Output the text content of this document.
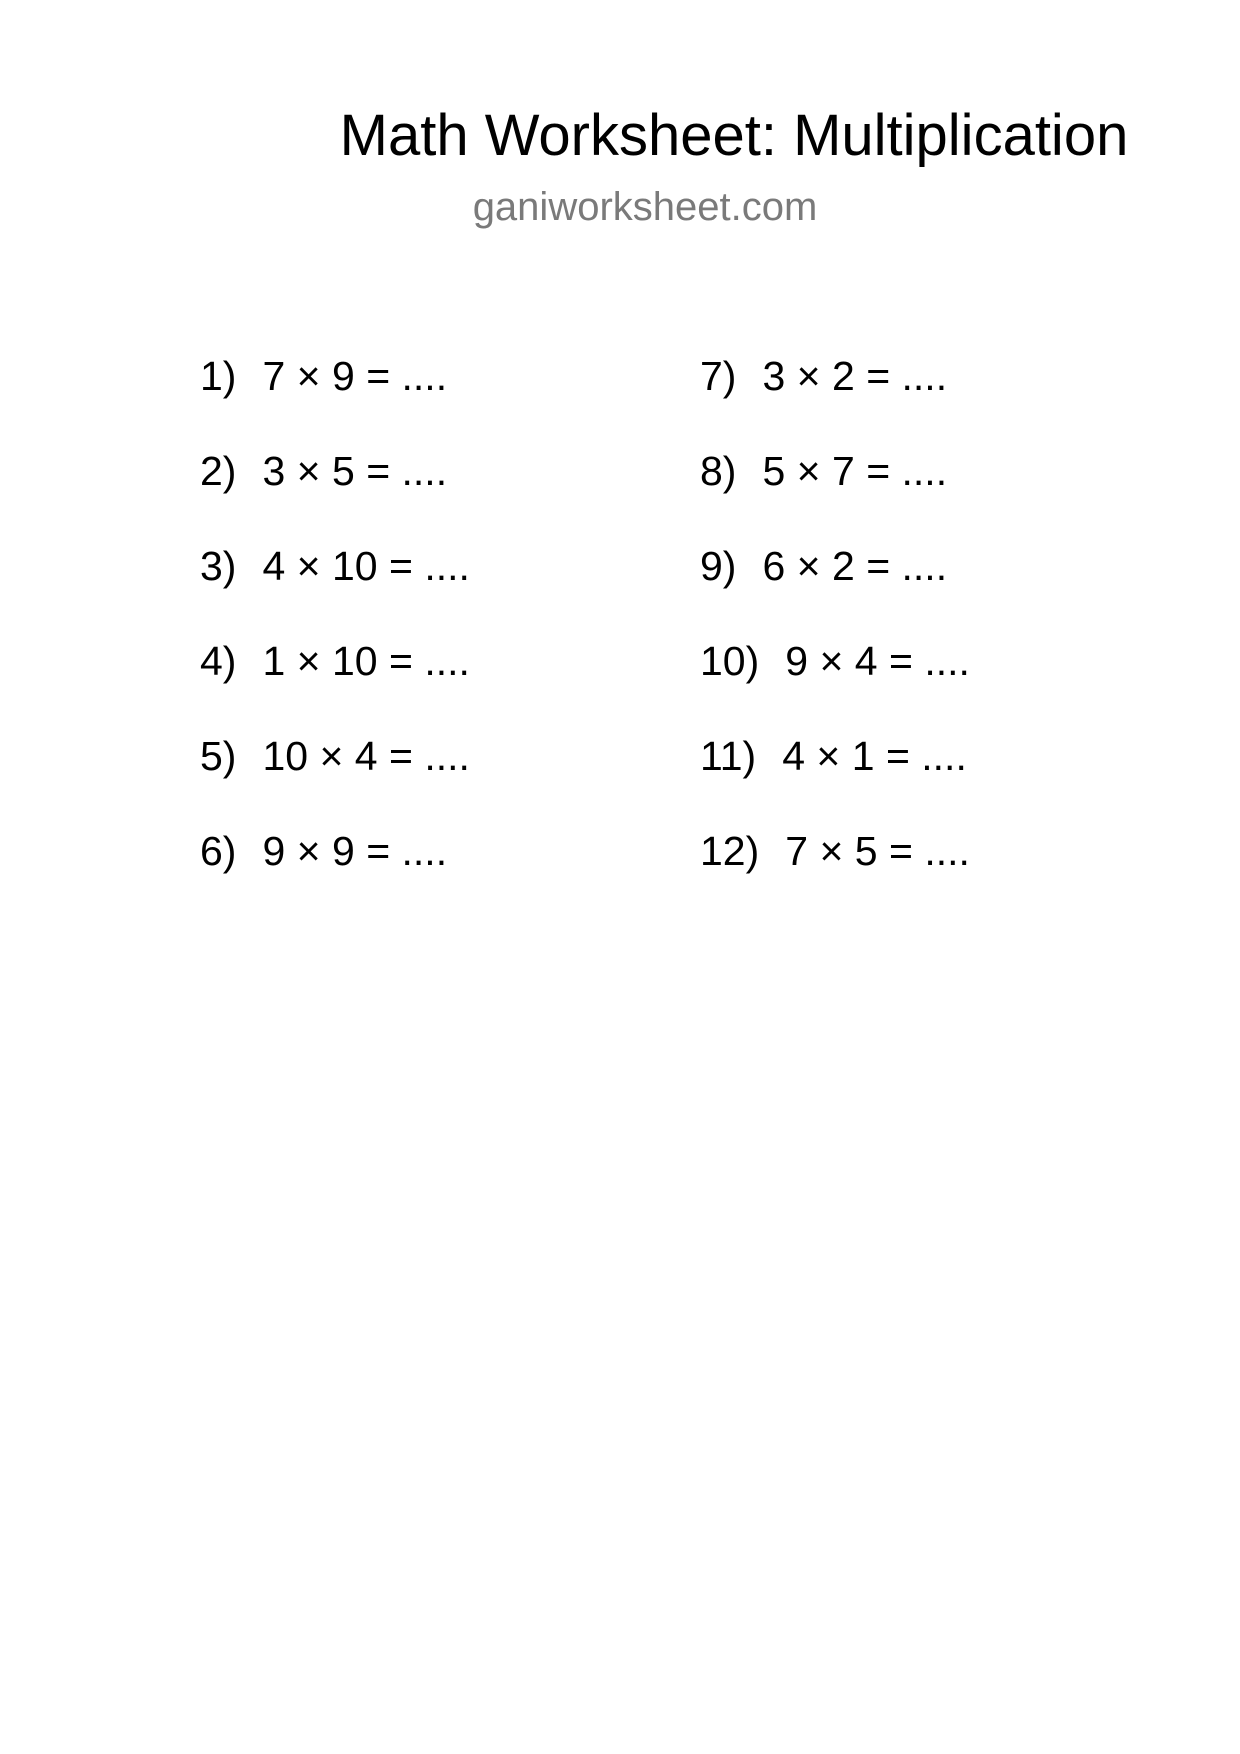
Math Worksheet: Multiplication
ganiworksheet.com
1) 7 × 9 = ....
2) 3 × 5 = ....
3) 4 × 10 = ....
4) 1 × 10 = ....
5) 10 × 4 = ....
6) 9 × 9 = ....
7) 3 × 2 = ....
8) 5 × 7 = ....
9) 6 × 2 = ....
10) 9 × 4 = ....
11) 4 × 1 = ....
12) 7 × 5 = ....
